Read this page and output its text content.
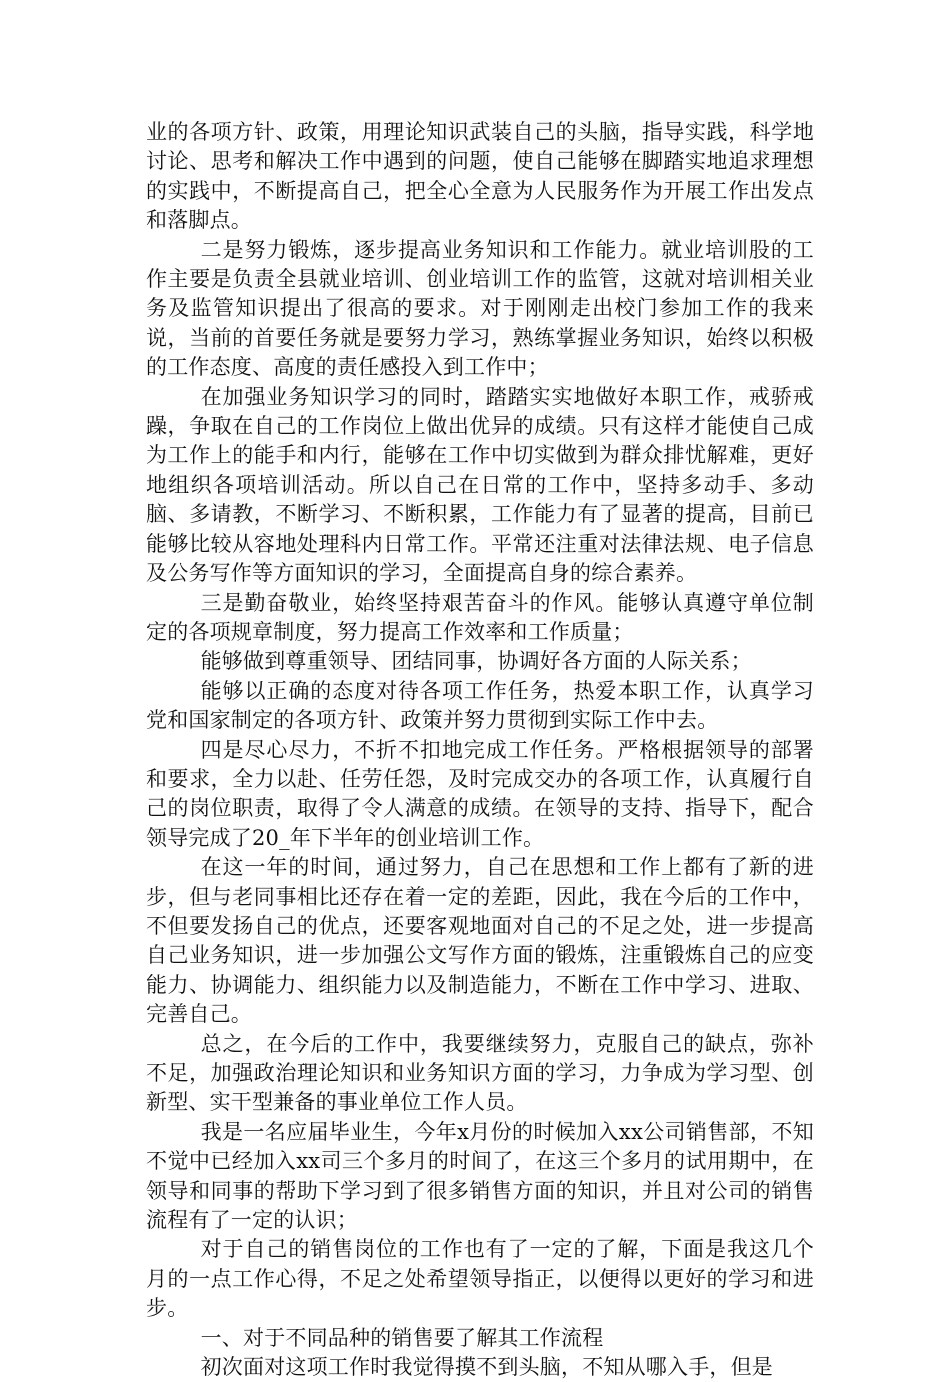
业的各项方针、政策，用理论知识武装自己的头脑，指导实践，科学地讨论、思考和解决工作中遇到的问题，使自己能够在脚踏实地追求理想的实践中，不断提高自己，把全心全意为人民服务作为开展工作出发点和落脚点。

二是努力锻炼，逐步提高业务知识和工作能力。就业培训股的工作主要是负责全县就业培训、创业培训工作的监管，这就对培训相关业务及监管知识提出了很高的要求。对于刚刚走出校门参加工作的我来说，当前的首要任务就是要努力学习，熟练掌握业务知识，始终以积极的工作态度、高度的责任感投入到工作中；

在加强业务知识学习的同时，踏踏实实地做好本职工作，戒骄戒躁，争取在自己的工作岗位上做出优异的成绩。只有这样才能使自己成为工作上的能手和内行，能够在工作中切实做到为群众排忧解难，更好地组织各项培训活动。所以自己在日常的工作中，坚持多动手、多动脑、多请教，不断学习、不断积累，工作能力有了显著的提高，目前已能够比较从容地处理科内日常工作。平常还注重对法律法规、电子信息及公务写作等方面知识的学习，全面提高自身的综合素养。

三是勤奋敬业，始终坚持艰苦奋斗的作风。能够认真遵守单位制定的各项规章制度，努力提高工作效率和工作质量；

能够做到尊重领导、团结同事，协调好各方面的人际关系；

能够以正确的态度对待各项工作任务，热爱本职工作，认真学习党和国家制定的各项方针、政策并努力贯彻到实际工作中去。

四是尽心尽力，不折不扣地完成工作任务。严格根据领导的部署和要求，全力以赴、任劳任怨，及时完成交办的各项工作，认真履行自己的岗位职责，取得了令人满意的成绩。在领导的支持、指导下，配合领导完成了20_年下半年的创业培训工作。

在这一年的时间，通过努力，自己在思想和工作上都有了新的进步，但与老同事相比还存在着一定的差距，因此，我在今后的工作中，不但要发扬自己的优点，还要客观地面对自己的不足之处，进一步提高自己业务知识，进一步加强公文写作方面的锻炼，注重锻炼自己的应变能力、协调能力、组织能力以及制造能力，不断在工作中学习、进取、完善自己。

总之，在今后的工作中，我要继续努力，克服自己的缺点，弥补不足，加强政治理论知识和业务知识方面的学习，力争成为学习型、创新型、实干型兼备的事业单位工作人员。

我是一名应届毕业生，今年x月份的时候加入xx公司销售部，不知不觉中已经加入xx司三个多月的时间了，在这三个多月的试用期中，在领导和同事的帮助下学习到了很多销售方面的知识，并且对公司的销售流程有了一定的认识；

对于自己的销售岗位的工作也有了一定的了解，下面是我这几个月的一点工作心得，不足之处希望领导指正，以便得以更好的学习和进步。

一、对于不同品种的销售要了解其工作流程

初次面对这项工作时我觉得摸不到头脑，不知从哪入手，但是
